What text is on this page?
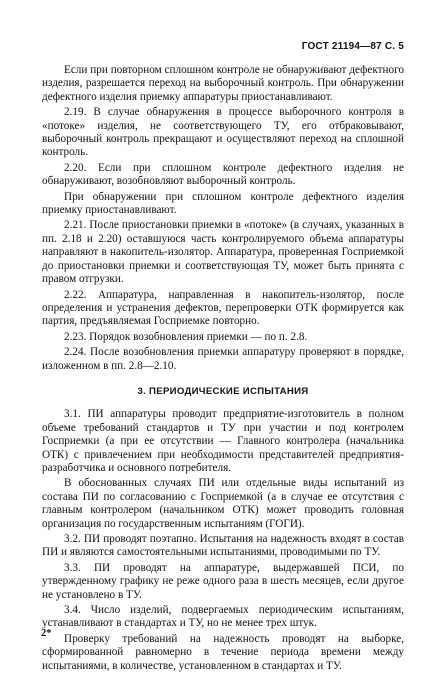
ГОСТ 21194—87 С. 5

Если при повторном сплошном контроле не обнаруживают дефектного изделия, разрешается переход на выборочный контроль. При обнаружении дефектного изделия приемку аппаратуры приостанавливают.

2.19. В случае обнаружения в процессе выборочного контроля в «потоке» изделия, не соответствующего ТУ, его отбраковывают, выборочный контроль прекращают и осуществляют переход на сплошной контроль.

2.20. Если при сплошном контроле дефектного изделия не обнаруживают, возобновляют выборочный контроль.

При обнаружении при сплошном контроле дефектного изделия приемку приостанавливают.

2.21. После приостановки приемки в «потоке» (в случаях, указанных в пп. 2.18 и 2.20) оставшуюся часть контролируемого объема аппаратуры направляют в накопитель-изолятор. Аппаратура, проверенная Госприемкой до приостановки приемки и соответствующая ТУ, может быть принята с правом отгрузки.

2.22. Аппаратура, направленная в накопитель-изолятор, после определения и устранения дефектов, перепроверки ОТК формируется как партия, предъявляемая Госприемке повторно.

2.23. Порядок возобновления приемки — по п. 2.8.

2.24. После возобновления приемки аппаратуру проверяют в порядке, изложенном в пп. 2.8—2.10.

3. ПЕРИОДИЧЕСКИЕ ИСПЫТАНИЯ

3.1. ПИ аппаратуры проводит предприятие-изготовитель в полном объеме требований стандартов и ТУ при участии и под контролем Госприемки (а при ее отсутствии — Главного контролера (начальника ОТК) с привлечением при необходимости представителей предприятия-разработчика и основного потребителя.

В обоснованных случаях ПИ или отдельные виды испытаний из состава ПИ по согласованию с Госприемкой (а в случае ее отсутствия с главным контролером (начальником ОТК) может проводить головная организация по государственным испытаниям (ГОГИ).

3.2. ПИ проводят поэтапно. Испытания на надежность входят в состав ПИ и являются самостоятельными испытаниями, проводимыми по ТУ.

3.3. ПИ проводят на аппаратуре, выдержавшей ПСИ, по утвержденному графику не реже одного раза в шесть месяцев, если другое не установлено в ТУ.

3.4. Число изделий, подвергаемых периодическим испытаниям, устанавливают в стандартах и ТУ, но не менее трех штук.

Проверку требований на надежность проводят на выборке, сформированной равномерно в течение периода времени между испытаниями, в количестве, установленном в стандартах и ТУ.

2*
